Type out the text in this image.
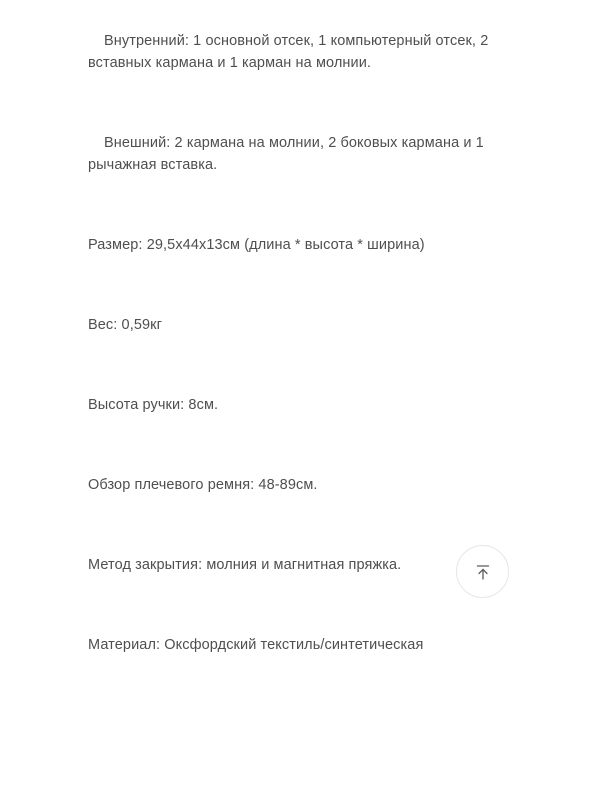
Внутренний: 1 основной отсек, 1 компьютерный отсек, 2 вставных кармана и 1 карман на молнии.
Внешний: 2 кармана на молнии, 2 боковых кармана и 1 рычажная вставка.
Размер: 29,5х44х13см (длина * высота * ширина)
Вес: 0,59кг
Высота ручки: 8см.
Обзор плечевого ремня: 48-89см.
Метод закрытия: молния и магнитная пряжка.
Материал: Оксфордский текстиль/синтетическая
